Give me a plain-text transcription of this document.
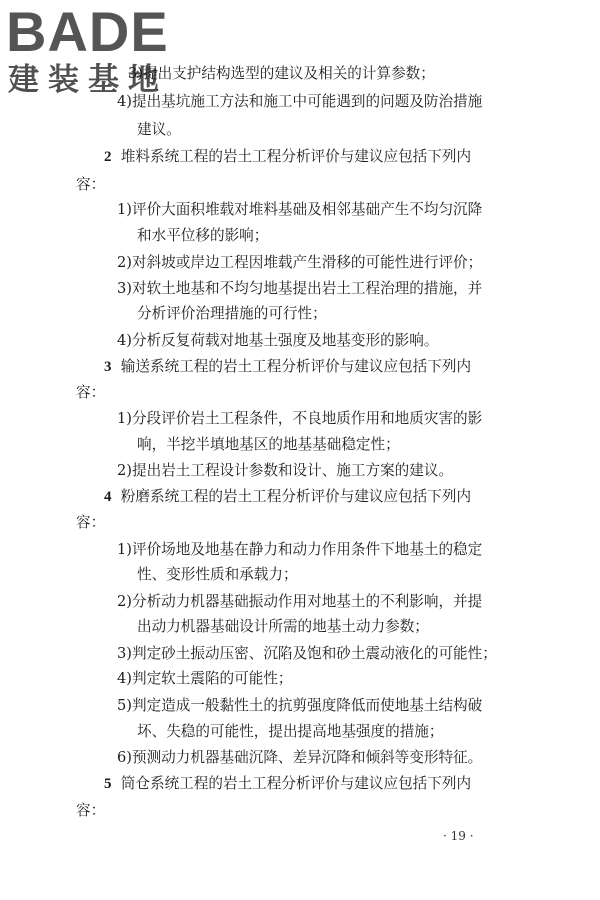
BADE
建装基地
3)提出支护结构选型的建议及相关的计算参数；
4)提出基坑施工方法和施工中可能遇到的问题及防治措施
建议。
2 堆料系统工程的岩土工程分析评价与建议应包括下列内
容：
1)评价大面积堆载对堆料基础及相邻基础产生不均匀沉降
和水平位移的影响；
2)对斜坡或岸边工程因堆载产生滑移的可能性进行评价；
3)对软土地基和不均匀地基提出岩土工程治理的措施，并
分析评价治理措施的可行性；
4)分析反复荷载对地基土强度及地基变形的影响。
3 输送系统工程的岩土工程分析评价与建议应包括下列内
容：
1)分段评价岩土工程条件，不良地质作用和地质灾害的影
响，半挖半填地基区的地基基础稳定性；
2)提出岩土工程设计参数和设计、施工方案的建议。
4 粉磨系统工程的岩土工程分析评价与建议应包括下列内
容：
1)评价场地及地基在静力和动力作用条件下地基土的稳定
性、变形性质和承载力；
2)分析动力机器基础振动作用对地基土的不利影响，并提
出动力机器基础设计所需的地基土动力参数；
3)判定砂土振动压密、沉陷及饱和砂土震动液化的可能性；
4)判定软土震陷的可能性；
5)判定造成一般黏性土的抗剪强度降低而使地基土结构破
坏、失稳的可能性，提出提高地基强度的措施；
6)预测动力机器基础沉降、差异沉降和倾斜等变形特征。
5 筒仓系统工程的岩土工程分析评价与建议应包括下列内
容：
· 19 ·
